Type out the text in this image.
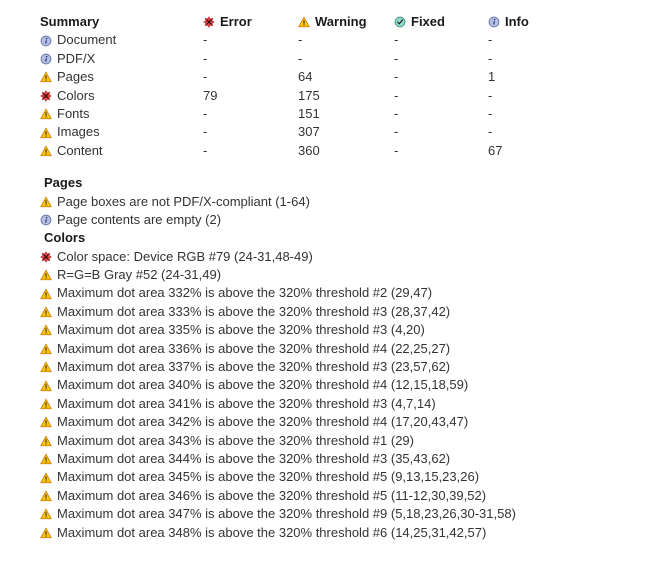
Summary	Error	Warning	Fixed	Info
Document	-	-	-	-
PDF/X	-	-	-	-
Pages	-	64	-	1
Colors	79	175	-	-
Fonts	-	151	-	-
Images	-	307	-	-
Content	-	360	-	67
Pages
Page boxes are not PDF/X-compliant (1-64)
Page contents are empty (2)
Colors
Color space: Device RGB #79 (24-31,48-49)
R=G=B Gray #52 (24-31,49)
Maximum dot area 332% is above the 320% threshold #2 (29,47)
Maximum dot area 333% is above the 320% threshold #3 (28,37,42)
Maximum dot area 335% is above the 320% threshold #3 (4,20)
Maximum dot area 336% is above the 320% threshold #4 (22,25,27)
Maximum dot area 337% is above the 320% threshold #3 (23,57,62)
Maximum dot area 340% is above the 320% threshold #4 (12,15,18,59)
Maximum dot area 341% is above the 320% threshold #3 (4,7,14)
Maximum dot area 342% is above the 320% threshold #4 (17,20,43,47)
Maximum dot area 343% is above the 320% threshold #1 (29)
Maximum dot area 344% is above the 320% threshold #3 (35,43,62)
Maximum dot area 345% is above the 320% threshold #5 (9,13,15,23,26)
Maximum dot area 346% is above the 320% threshold #5 (11-12,30,39,52)
Maximum dot area 347% is above the 320% threshold #9 (5,18,23,26,30-31,58)
Maximum dot area 348% is above the 320% threshold #6 (14,25,31,42,57)
